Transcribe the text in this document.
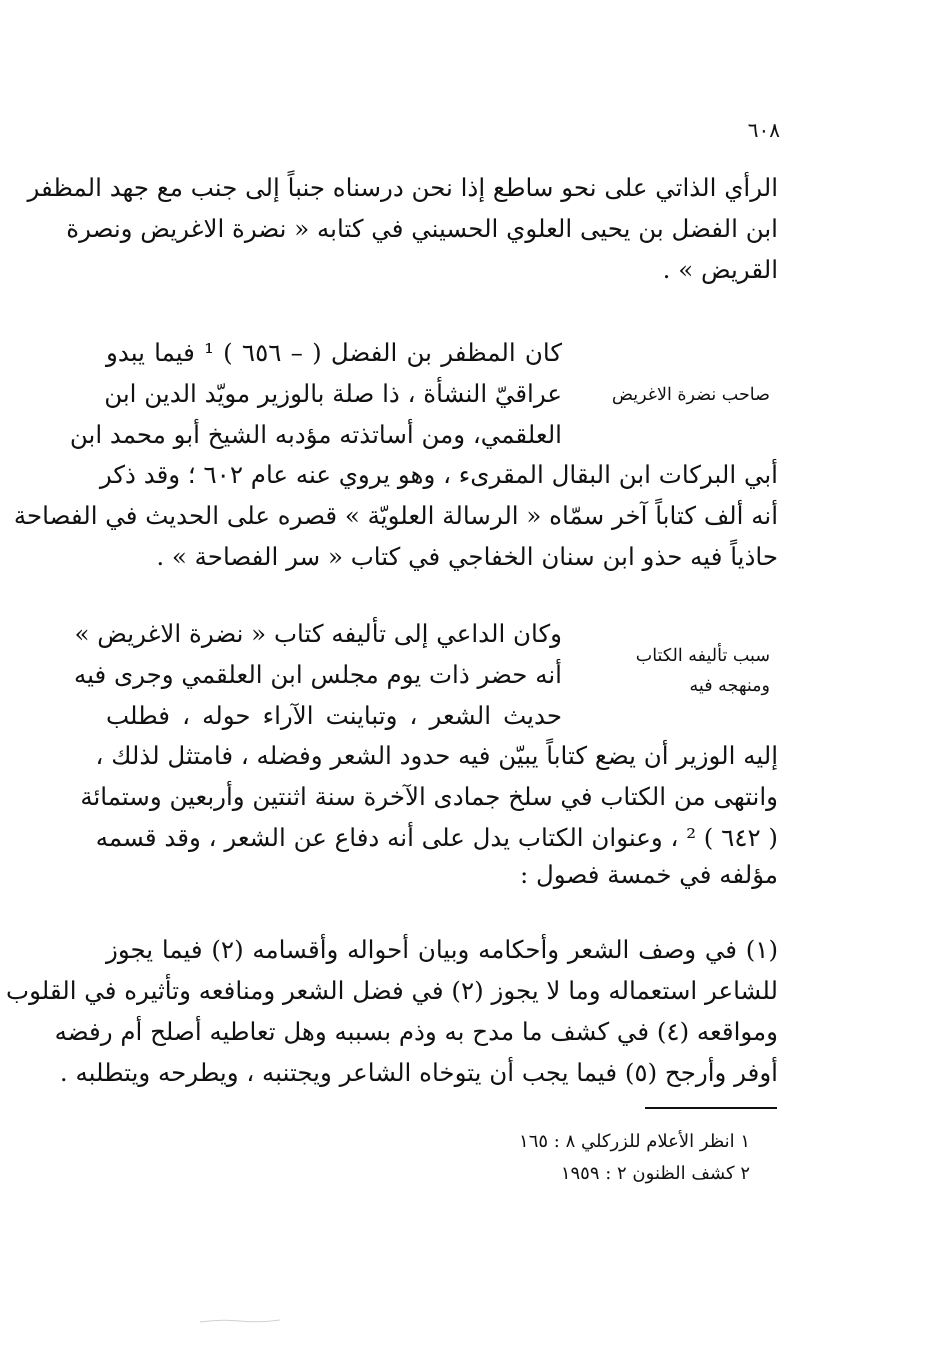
٦٠٨
الرأي الذاتي على نحو ساطع إذا نحن درسناه جنباً إلى جنب مع جهد المظفر
ابن الفضل بن يحيى العلوي الحسيني في كتابه « نضرة الاغريض ونصرة
القريض » .
كان المظفر بن الفضل ( – ٦٥٦ ) ¹ فيما يبدو
عراقيّ النشأة ، ذا صلة بالوزير مويّد الدين ابن
العلقمي، ومن أساتذته مؤدبه الشيخ أبو محمد ابن
صاحب نضرة الاغريض
أبي البركات ابن البقال المقرىء ، وهو يروي عنه عام ٦٠٢ ؛ وقد ذكر
أنه ألف كتاباً آخر سمّاه « الرسالة العلويّة » قصره على الحديث في الفصاحة
حاذياً فيه حذو ابن سنان الخفاجي في كتاب « سر الفصاحة » .
وكان الداعي إلى تأليفه كتاب « نضرة الاغريض »
أنه حضر ذات يوم مجلس ابن العلقمي وجرى فيه
حديث الشعر ، وتباينت الآراء حوله ، فطلب
سبب تأليفه الكتاب
ومنهجه فيه
إليه الوزير أن يضع كتاباً يبيّن فيه حدود الشعر وفضله ، فامتثل لذلك ،
وانتهى من الكتاب في سلخ جمادى الآخرة سنة اثنتين وأربعين وستمائة
( ٦٤٢ ) ² ، وعنوان الكتاب يدل على أنه دفاع عن الشعر ، وقد قسمه
مؤلفه في خمسة فصول :
(١) في وصف الشعر وأحكامه وبيان أحواله وأقسامه (٢) فيما يجوز
للشاعر استعماله وما لا يجوز (٢) في فضل الشعر ومنافعه وتأثيره في القلوب
ومواقعه (٤) في كشف ما مدح به وذم بسببه وهل تعاطيه أصلح أم رفضه
أوفر وأرجح (٥) فيما يجب أن يتوخاه الشاعر ويجتنبه ، ويطرحه ويتطلبه .
١ انظر الأعلام للزركلي ٨ : ١٦٥
٢ كشف الظنون ٢ : ١٩٥٩
